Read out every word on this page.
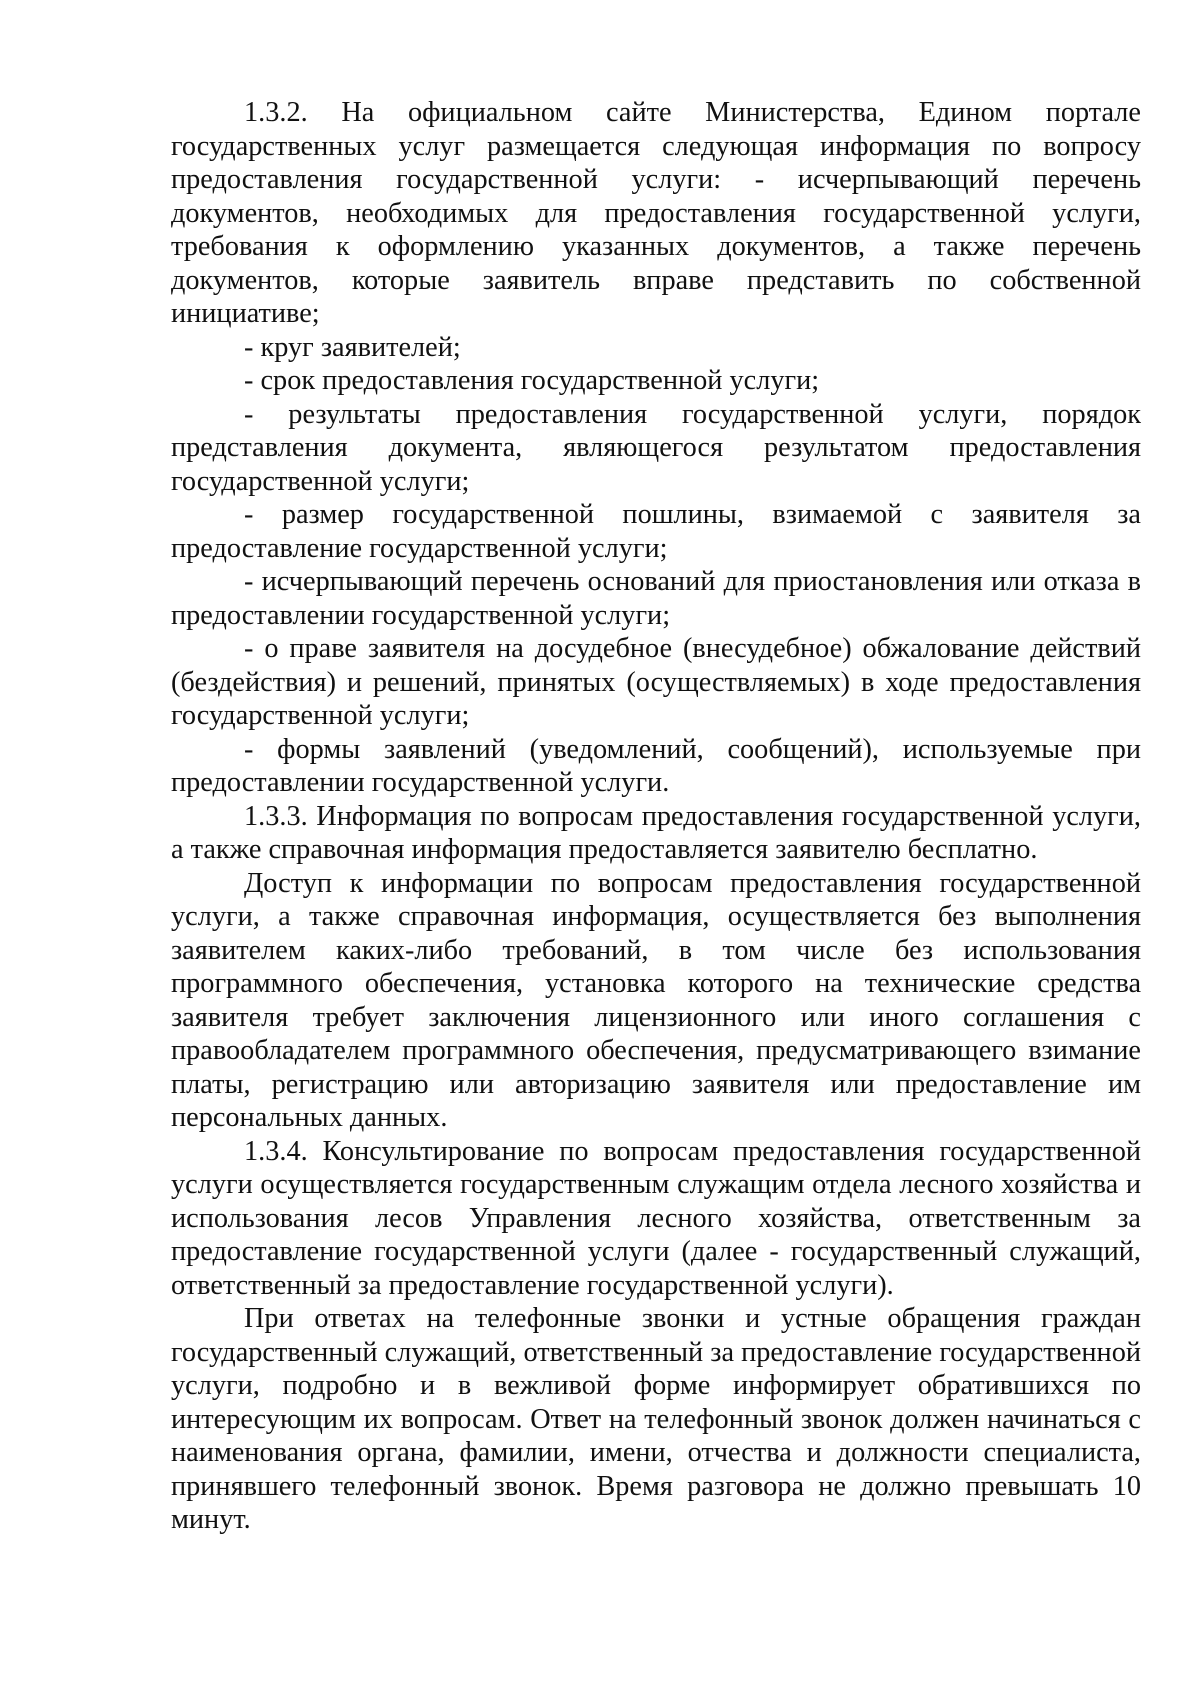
1.3.2. На официальном сайте Министерства, Едином портале государственных услуг размещается следующая информация по вопросу предоставления государственной услуги: - исчерпывающий перечень документов, необходимых для предоставления государственной услуги, требования к оформлению указанных документов, а также перечень документов, которые заявитель вправе представить по собственной инициативе;

- круг заявителей;

- срок предоставления государственной услуги;

- результаты предоставления государственной услуги, порядок представления документа, являющегося результатом предоставления государственной услуги;

- размер государственной пошлины, взимаемой с заявителя за предоставление государственной услуги;

- исчерпывающий перечень оснований для приостановления или отказа в предоставлении государственной услуги;

- о праве заявителя на досудебное (внесудебное) обжалование действий (бездействия) и решений, принятых (осуществляемых) в ходе предоставления государственной услуги;

- формы заявлений (уведомлений, сообщений), используемые при предоставлении государственной услуги.

1.3.3. Информация по вопросам предоставления государственной услуги, а также справочная информация предоставляется заявителю бесплатно.

Доступ к информации по вопросам предоставления государственной услуги, а также справочная информация, осуществляется без выполнения заявителем каких-либо требований, в том числе без использования программного обеспечения, установка которого на технические средства заявителя требует заключения лицензионного или иного соглашения с правообладателем программного обеспечения, предусматривающего взимание платы, регистрацию или авторизацию заявителя или предоставление им персональных данных.

1.3.4. Консультирование по вопросам предоставления государственной услуги осуществляется государственным служащим отдела лесного хозяйства и использования лесов Управления лесного хозяйства, ответственным за предоставление государственной услуги (далее - государственный служащий, ответственный за предоставление государственной услуги).

При ответах на телефонные звонки и устные обращения граждан государственный служащий, ответственный за предоставление государственной услуги, подробно и в вежливой форме информирует обратившихся по интересующим их вопросам. Ответ на телефонный звонок должен начинаться с наименования органа, фамилии, имени, отчества и должности специалиста, принявшего телефонный звонок. Время разговора не должно превышать 10 минут.
